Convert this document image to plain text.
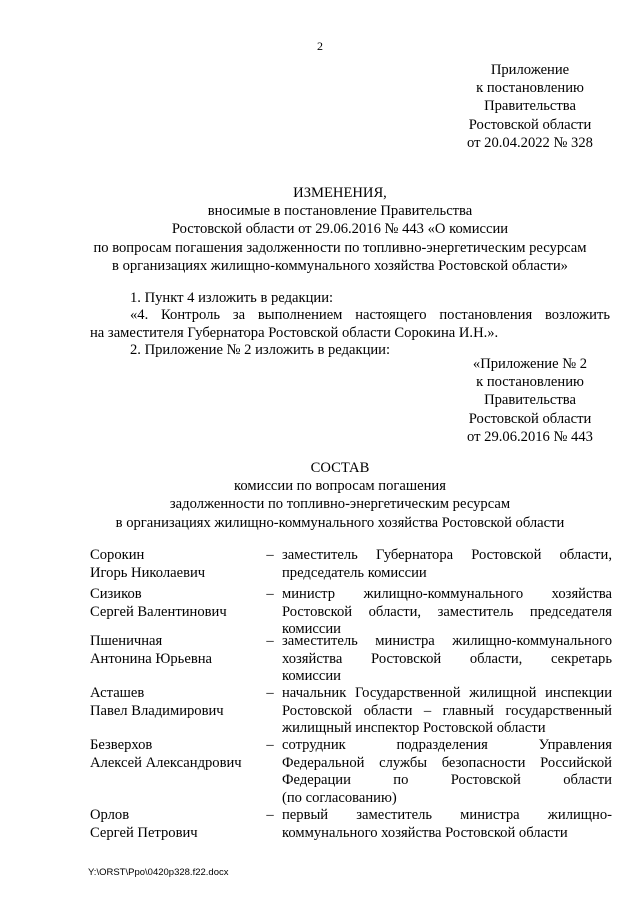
2
Приложение
к постановлению
Правительства
Ростовской области
от 20.04.2022 № 328
ИЗМЕНЕНИЯ,
вносимые в постановление Правительства
Ростовской области от 29.06.2016 № 443 «О комиссии
по вопросам погашения задолженности по топливно-энергетическим ресурсам
в организациях жилищно-коммунального хозяйства Ростовской области»
1. Пункт 4 изложить в редакции:
«4. Контроль за выполнением настоящего постановления возложить
на заместителя Губернатора Ростовской области Сорокина И.Н.».
2. Приложение № 2 изложить в редакции:
«Приложение № 2
к постановлению
Правительства
Ростовской области
от 29.06.2016 № 443
СОСТАВ
комиссии по вопросам погашения
задолженности по топливно-энергетическим ресурсам
в организациях жилищно-коммунального хозяйства Ростовской области
Сорокин
Игорь Николаевич
– заместитель Губернатора Ростовской области,
председатель комиссии
Сизиков
Сергей Валентинович
– министр жилищно-коммунального хозяйства
Ростовской области, заместитель председателя
комиссии
Пшеничная
Антонина Юрьевна
– заместитель министра жилищно-коммунального
хозяйства Ростовской области, секретарь
комиссии
Асташев
Павел Владимирович
– начальник Государственной жилищной инспекции
Ростовской области – главный государственный
жилищный инспектор Ростовской области
Безверхов
Алексей Александрович
– сотрудник подразделения Управления
Федеральной службы безопасности Российской
Федерации по Ростовской области
(по согласованию)
Орлов
Сергей Петрович
– первый заместитель министра жилищно-
коммунального хозяйства Ростовской области
Y:\ORST\Ppo\0420p328.f22.docx
